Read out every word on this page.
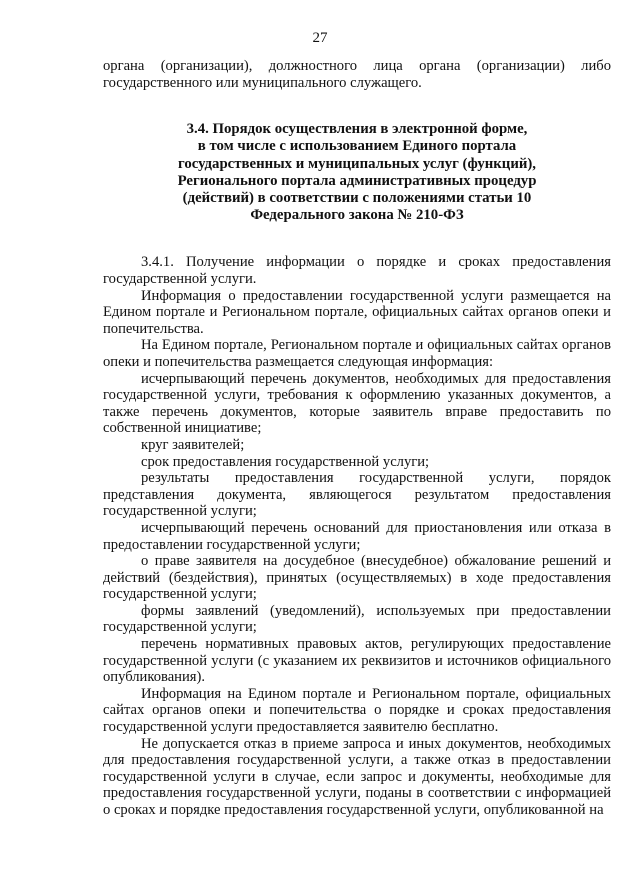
27

органа (организации), должностного лица органа (организации) либо государственного или муниципального служащего.

3.4. Порядок осуществления в электронной форме,
в том числе с использованием Единого портала
государственных и муниципальных услуг (функций),
Регионального портала административных процедур
(действий) в соответствии с положениями статьи 10
Федерального закона № 210-ФЗ

3.4.1. Получение информации о порядке и сроках предоставления государственной услуги.

Информация о предоставлении государственной услуги размещается на Едином портале и Региональном портале, официальных сайтах органов опеки и попечительства.

На Едином портале, Региональном портале и официальных сайтах органов опеки и попечительства размещается следующая информация:

исчерпывающий перечень документов, необходимых для предоставления государственной услуги, требования к оформлению указанных документов, а также перечень документов, которые заявитель вправе предоставить по собственной инициативе;

круг заявителей;

срок предоставления государственной услуги;

результаты предоставления государственной услуги, порядок представления документа, являющегося результатом предоставления государственной услуги;

исчерпывающий перечень оснований для приостановления или отказа в предоставлении государственной услуги;

о праве заявителя на досудебное (внесудебное) обжалование решений и действий (бездействия), принятых (осуществляемых) в ходе предоставления государственной услуги;

формы заявлений (уведомлений), используемых при предоставлении государственной услуги;

перечень нормативных правовых актов, регулирующих предоставление государственной услуги (с указанием их реквизитов и источников официального опубликования).

Информация на Едином портале и Региональном портале, официальных сайтах органов опеки и попечительства о порядке и сроках предоставления государственной услуги предоставляется заявителю бесплатно.

Не допускается отказ в приеме запроса и иных документов, необходимых для предоставления государственной услуги, а также отказ в предоставлении государственной услуги в случае, если запрос и документы, необходимые для предоставления государственной услуги, поданы в соответствии с информацией о сроках и порядке предоставления государственной услуги, опубликованной на
